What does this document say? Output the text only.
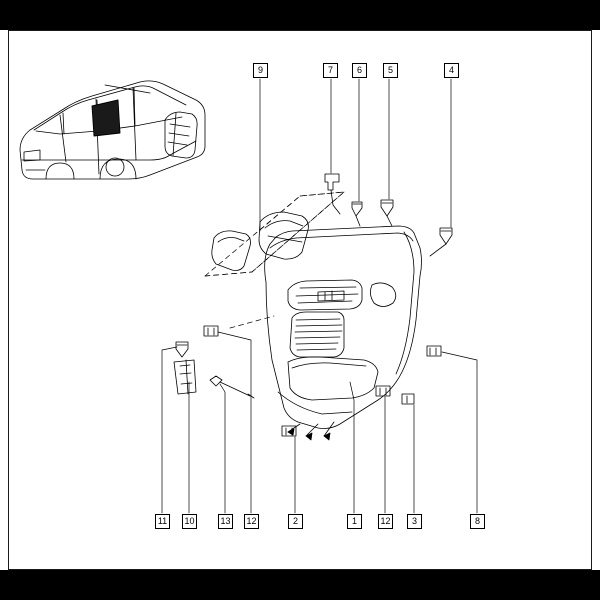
9	7	6	5	4
11	10	13 12	2	1	12	3	8
